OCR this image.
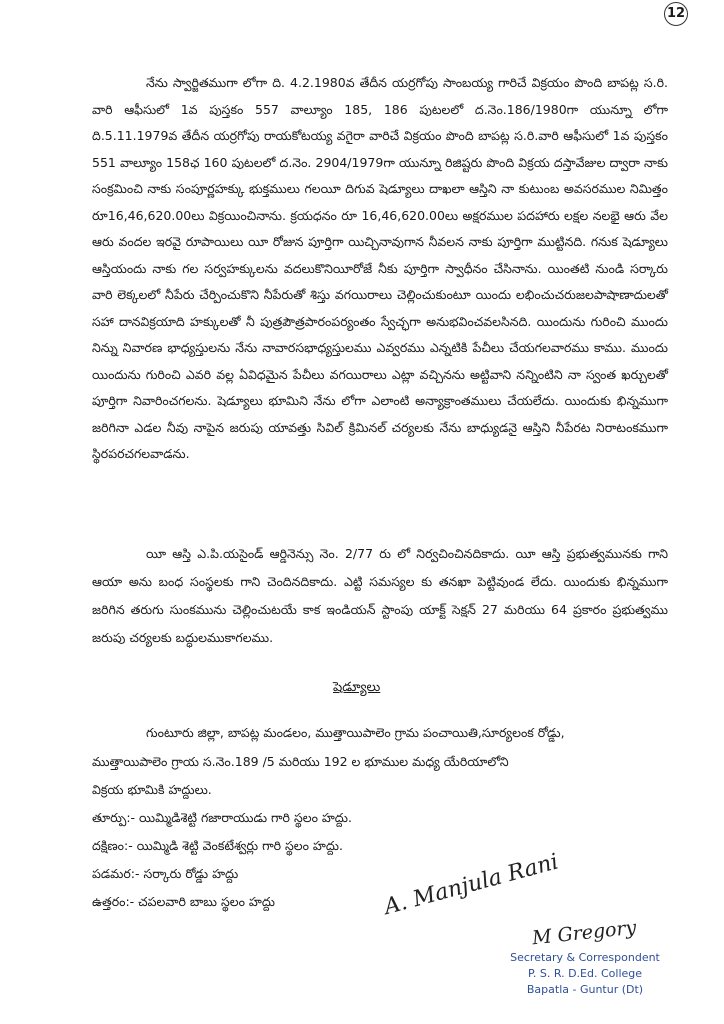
12

నేను స్వార్జితముగా లోగా ది. 4.2.1980వ తేదీన యర్రగోపు సాంబయ్య గారిచే విక్రయం పొంది బాపట్ల స.రి. వారి ఆఫీసులో 1వ పుస్తకం 557 వాల్యూం 185, 186 పుటలలో ద.నెం.186/1980గా యున్నూ లోగా ది.5.11.1979వ తేదీన యర్రగోపు రాయకోటయ్య వగైరా వారిచే విక్రయం పొంది బాపట్ల స.రి.వారి ఆఫీసులో 1వ పుస్తకం 551 వాల్యూం 158ఛ 160 పుటలలో ద.నెం. 2904/1979గా యున్నూ రిజిష్టరు పొంది విక్రయ దస్తావేజుల ద్వారా నాకు సంక్రమించి నాకు సంపూర్ణహక్కు భుక్తములు గలయీ దిగువ షెడ్యూలు దాఖలా ఆస్తిని నా కుటుంబ అవసరముల నిమిత్తం రూ16,46,620.00లు విక్రయించినాను. క్రయధనం రూ 16,46,620.00లు అక్షరముల పదహారు లక్షల నలభై ఆరు వేల ఆరు వందల ఇరవై రూపాయిలు యీ రోజున పూర్తిగా యిచ్చినావుగాన నీవలన నాకు పూర్తిగా ముట్టినది. గనుక షెడ్యూలు ఆస్తియందు నాకు గల సర్వహక్కులను వదలుకొనియీరోజే నీకు పూర్తిగా స్వాధీనం చేసినాను. యింతటి నుండి సర్కారు వారి లెక్కలలో నీపేరు చేర్పించుకొని నీపేరుతో శిస్తు వగయిరాలు చెల్లించుకుంటూ యిందు లభించుచరుజలపాషాణాదులతో సహా దానవిక్రయాది హక్కులతో నీ పుత్రపౌత్రపారంపర్యంతం స్వేచ్ఛగా అనుభవించవలసినది. యిందును గురించి ముందు నిన్ను నివారణ భాధ్యస్తులను నేను నావారసభాధ్యస్తులము ఎవ్వరము ఎన్నటికి పేచీలు చేయగలవారము కాము. ముందు యిందును గురించి ఎవరి వల్ల ఏవిధమైన పేచీలు వగయిరాలు ఎట్లా వచ్చినను అట్టివాని నన్నింటిని నా స్వంత ఖర్చులతో పూర్తిగా నివారించగలను. షెడ్యూలు భూమిని నేను లోగా ఎలాంటి అన్యాక్రాంతములు చేయలేదు. యిందుకు భిన్నముగా జరిగినా ఎడల నీవు నాపైన జరుపు యావత్తు సివిల్ క్రిమినల్ చర్యలకు నేను బాధ్యుడనై ఆస్తిని నీపేరట నిరాటంకముగా స్థిరపరచగలవాడను.

యీ ఆస్తి ఎ.పి.యసైండ్ ఆర్డినెన్సు నెం. 2/77 రు లో నిర్వచించినదికాదు. యీ ఆస్తి ప్రభుత్వమునకు గాని ఆయా అను బంధ సంస్థలకు గాని చెందినదికాదు. ఎట్టి సమస్యల కు తనఖా పెట్టివుండ లేదు. యిందుకు భిన్నముగా జరిగిన తరుగు సుంకమును చెల్లించుటయే కాక ఇండియన్ స్టాంపు యాక్ట్ సెక్షన్ 27 మరియు 64 ప్రకారం ప్రభుత్వము జరుపు చర్యలకు బద్ధులముకాగలము.

షెడ్యూలు

గుంటూరు జిల్లా, బాపట్ల మండలం, ముత్తాయిపాలెం గ్రామ పంచాయితి,సూర్యలంక రోడ్డు,
ముత్తాయిపాలెం గ్రాయ స.నెం.189 /5 మరియు 192 ల భూముల మధ్య యేరియాలోని
విక్రయ భూమికి హద్దులు.
తూర్పు:- యిమ్మిడిశెట్టి గజారాయుడు గారి స్థలం హద్దు.
దక్షిణం:- యిమ్మిడి శెట్టి వెంకటేశ్వర్లు గారి స్థలం హద్దు.
పడమర:- సర్కారు రోడ్డు హద్దు
ఉత్తరం:- చపలవారి బాబు స్థలం హద్దు	A. Manjula Rani
M Gregory
Secretary & Correspondent
P. S. R. D.Ed. College
Bapatla - Guntur (Dt)
